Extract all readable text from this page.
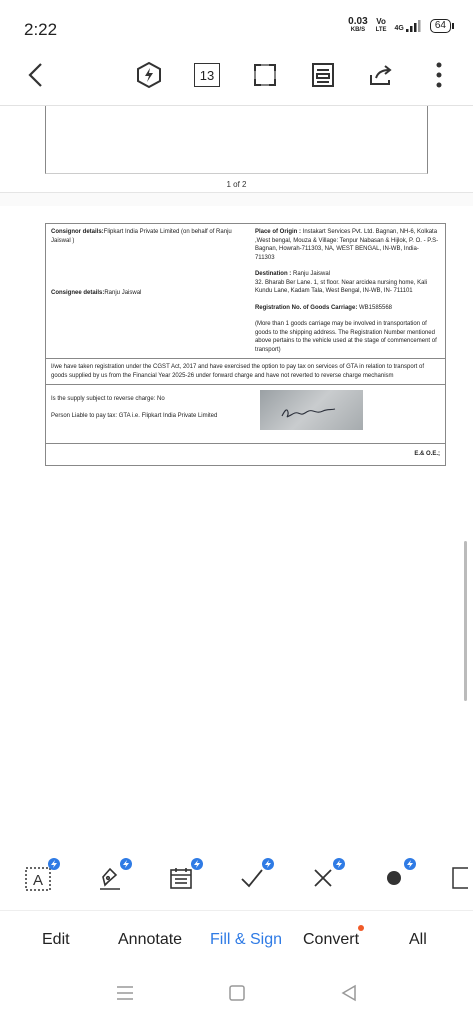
2:22	0.03
KB/S
Vo
LTE 4G	64
13
1 of 2
Consignor details:Flipkart India Private Limited (on behalf of Ranju Jaiswal )
Consignee details:Ranju Jaiswal
Place of Origin : Instakart Services Pvt. Ltd. Bagnan, NH-6, Kolkata ,West bengal, Mouza & Village: Tenpur Nabasan & Hijlok, P. O. - P.S- Bagnan, Howrah-711303, NA, WEST BENGAL, IN-WB, India- 711303
Destination : Ranju Jaiswal
32. Bharab Ber Lane. 1, st floor. Near arcidea nursing home, Kali Kundu Lane, Kadam Tala, West Bengal, IN-WB, IN- 711101
Registration No. of Goods Carriage: WB1585568
(More than 1 goods carriage may be involved in transportation of goods to the shipping address. The Registration Number mentioned above pertains to the vehicle used at the stage of commencement of transport)
I/we have taken registration under the CGST Act, 2017 and have exercised the option to pay tax on services of GTA in relation to transport of goods supplied by us from the Financial Year 2025-26 under forward charge and have not reverted to reverse charge mechanism
Is the supply subject to reverse charge: No
Person Liable to pay tax: GTA i.e. Flipkart India Private Limited
E.& O.E.;
A
Edit	Annotate Fill & Sign Convert	All
